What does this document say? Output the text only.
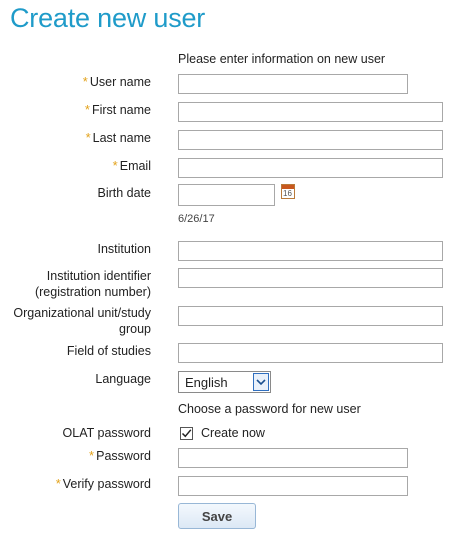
Create new user
Please enter information on new user
* User name
* First name
* Last name
* Email
Birth date	16
6/26/17
Institution
Institution identifier (registration number)
Organizational unit/study group
Field of studies
Language	English
Choose a password for new user
OLAT password	Create now
* Password
* Verify password
Save
